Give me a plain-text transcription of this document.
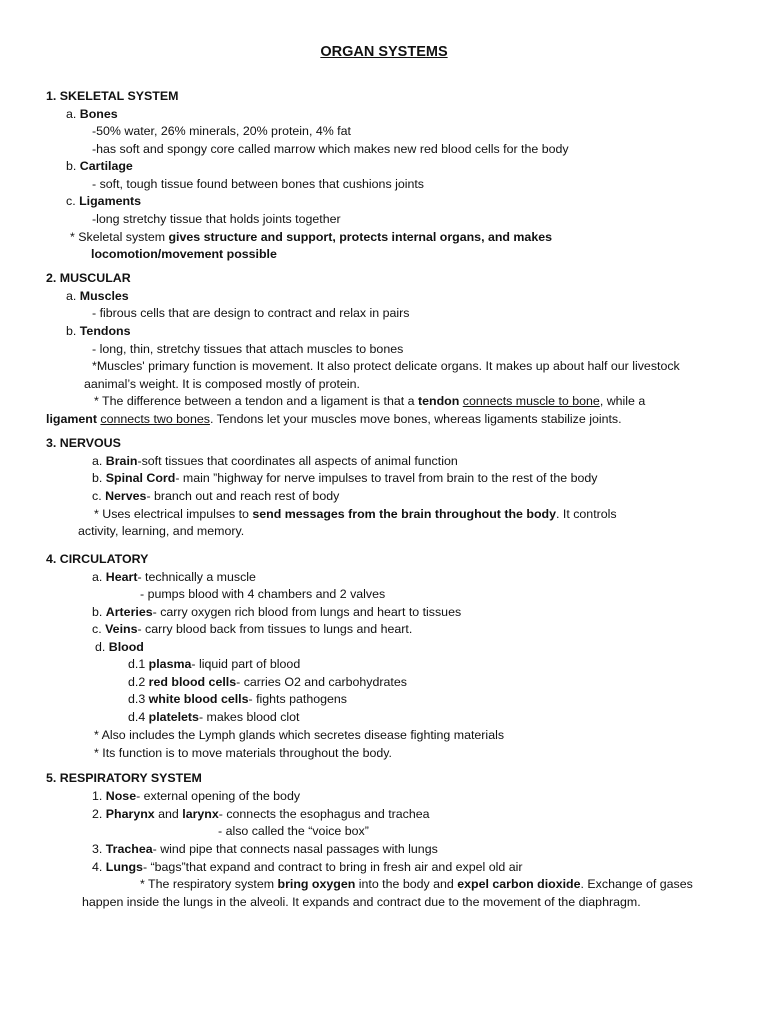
ORGAN SYSTEMS
1. SKELETAL SYSTEM
a. Bones
-50% water, 26% minerals, 20% protein, 4% fat
-has soft and spongy core called marrow which makes new red blood cells for the body
b. Cartilage
- soft, tough tissue found between bones that cushions joints
c. Ligaments
-long stretchy tissue that holds joints together
* Skeletal system gives structure and support, protects internal organs, and makes
locomotion/movement possible
2. MUSCULAR
a. Muscles
- fibrous cells that are design to contract and relax in pairs
b. Tendons
- long, thin, stretchy tissues that attach muscles to bones
*Muscles' primary function is movement. It also protect delicate organs. It makes up about half our livestock
aanimal’s weight. It is composed mostly of protein.
* The difference between a tendon and a ligament is that a tendon connects muscle to bone, while a
ligament connects two bones. Tendons let your muscles move bones, whereas ligaments stabilize joints.
3. NERVOUS
a. Brain-soft tissues that coordinates all aspects of animal function
b. Spinal Cord- main ”highway for nerve impulses to travel from brain to the rest of the body
c. Nerves- branch out and reach rest of body
* Uses electrical impulses to send messages from the brain throughout the body. It controls
activity, learning, and memory.
4. CIRCULATORY
a. Heart- technically a muscle
- pumps blood with 4 chambers and 2 valves
b. Arteries- carry oxygen rich blood from lungs and heart to tissues
c. Veins- carry blood back from tissues to lungs and heart.
d. Blood
d.1 plasma- liquid part of blood
d.2 red blood cells- carries O2 and carbohydrates
d.3 white blood cells- fights pathogens
d.4 platelets- makes blood clot
* Also includes the Lymph glands which secretes disease fighting materials
* Its function is to move materials throughout the body.
5. RESPIRATORY SYSTEM
1. Nose- external opening of the body
2. Pharynx and larynx- connects the esophagus and trachea
- also called the “voice box”
3. Trachea- wind pipe that connects nasal passages with lungs
4. Lungs- “bags”that expand and contract to bring in fresh air and expel old air
* The respiratory system bring oxygen into the body and expel carbon dioxide. Exchange of gases
happen inside the lungs in the alveoli. It expands and contract due to the movement of the diaphragm.
